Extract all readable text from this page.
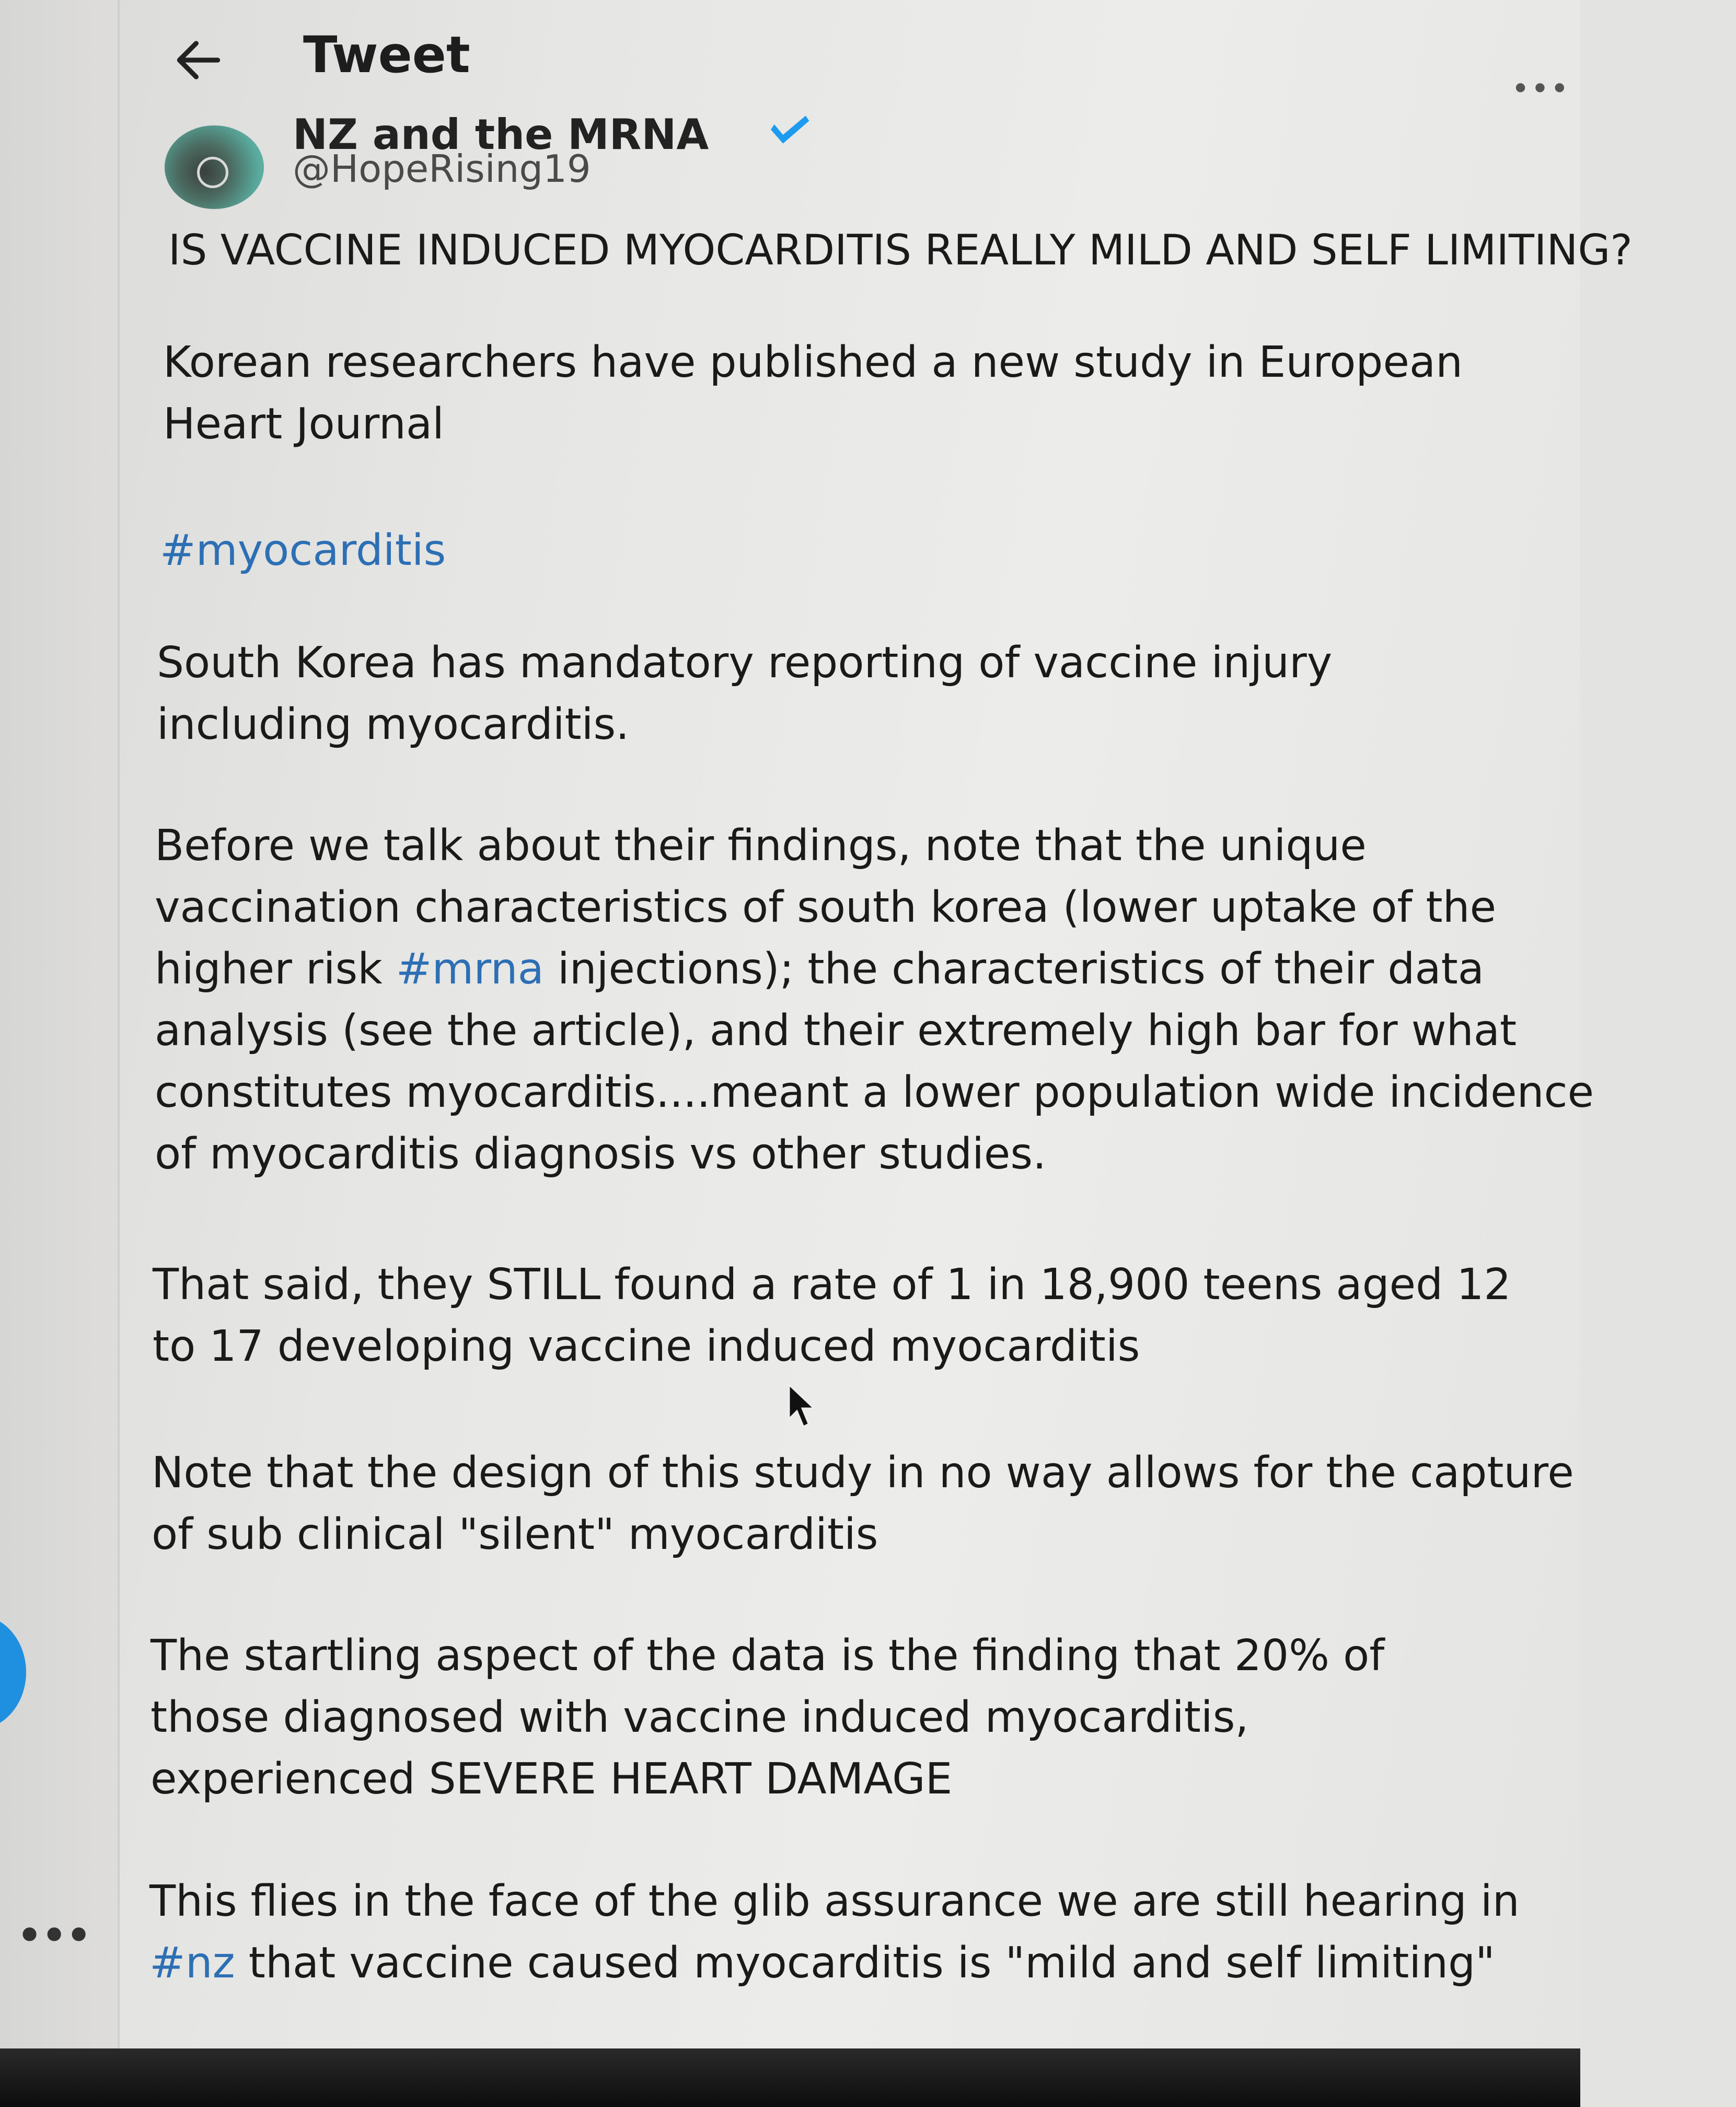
•••
Tweet
•••
NZ and the MRNA
@HopeRising19
IS VACCINE INDUCED MYOCARDITIS REALLY MILD AND SELF LIMITING?
Korean researchers have published a new study in European Heart Journal
#myocarditis
South Korea has mandatory reporting of vaccine injury including myocarditis.
Before we talk about their findings, note that the unique vaccination characteristics of south korea (lower uptake of the higher risk #mrna injections); the characteristics of their data analysis (see the article), and their extremely high bar for what constitutes myocarditis....meant a lower population wide incidence of myocarditis diagnosis vs other studies.
That said, they STILL found a rate of 1 in 18,900 teens aged 12 to 17 developing vaccine induced myocarditis
Note that the design of this study in no way allows for the capture of sub clinical "silent" myocarditis
The startling aspect of the data is the finding that 20% of those diagnosed with vaccine induced myocarditis, experienced SEVERE HEART DAMAGE
This flies in the face of the glib assurance we are still hearing in #nz that vaccine caused myocarditis is "mild and self limiting"
